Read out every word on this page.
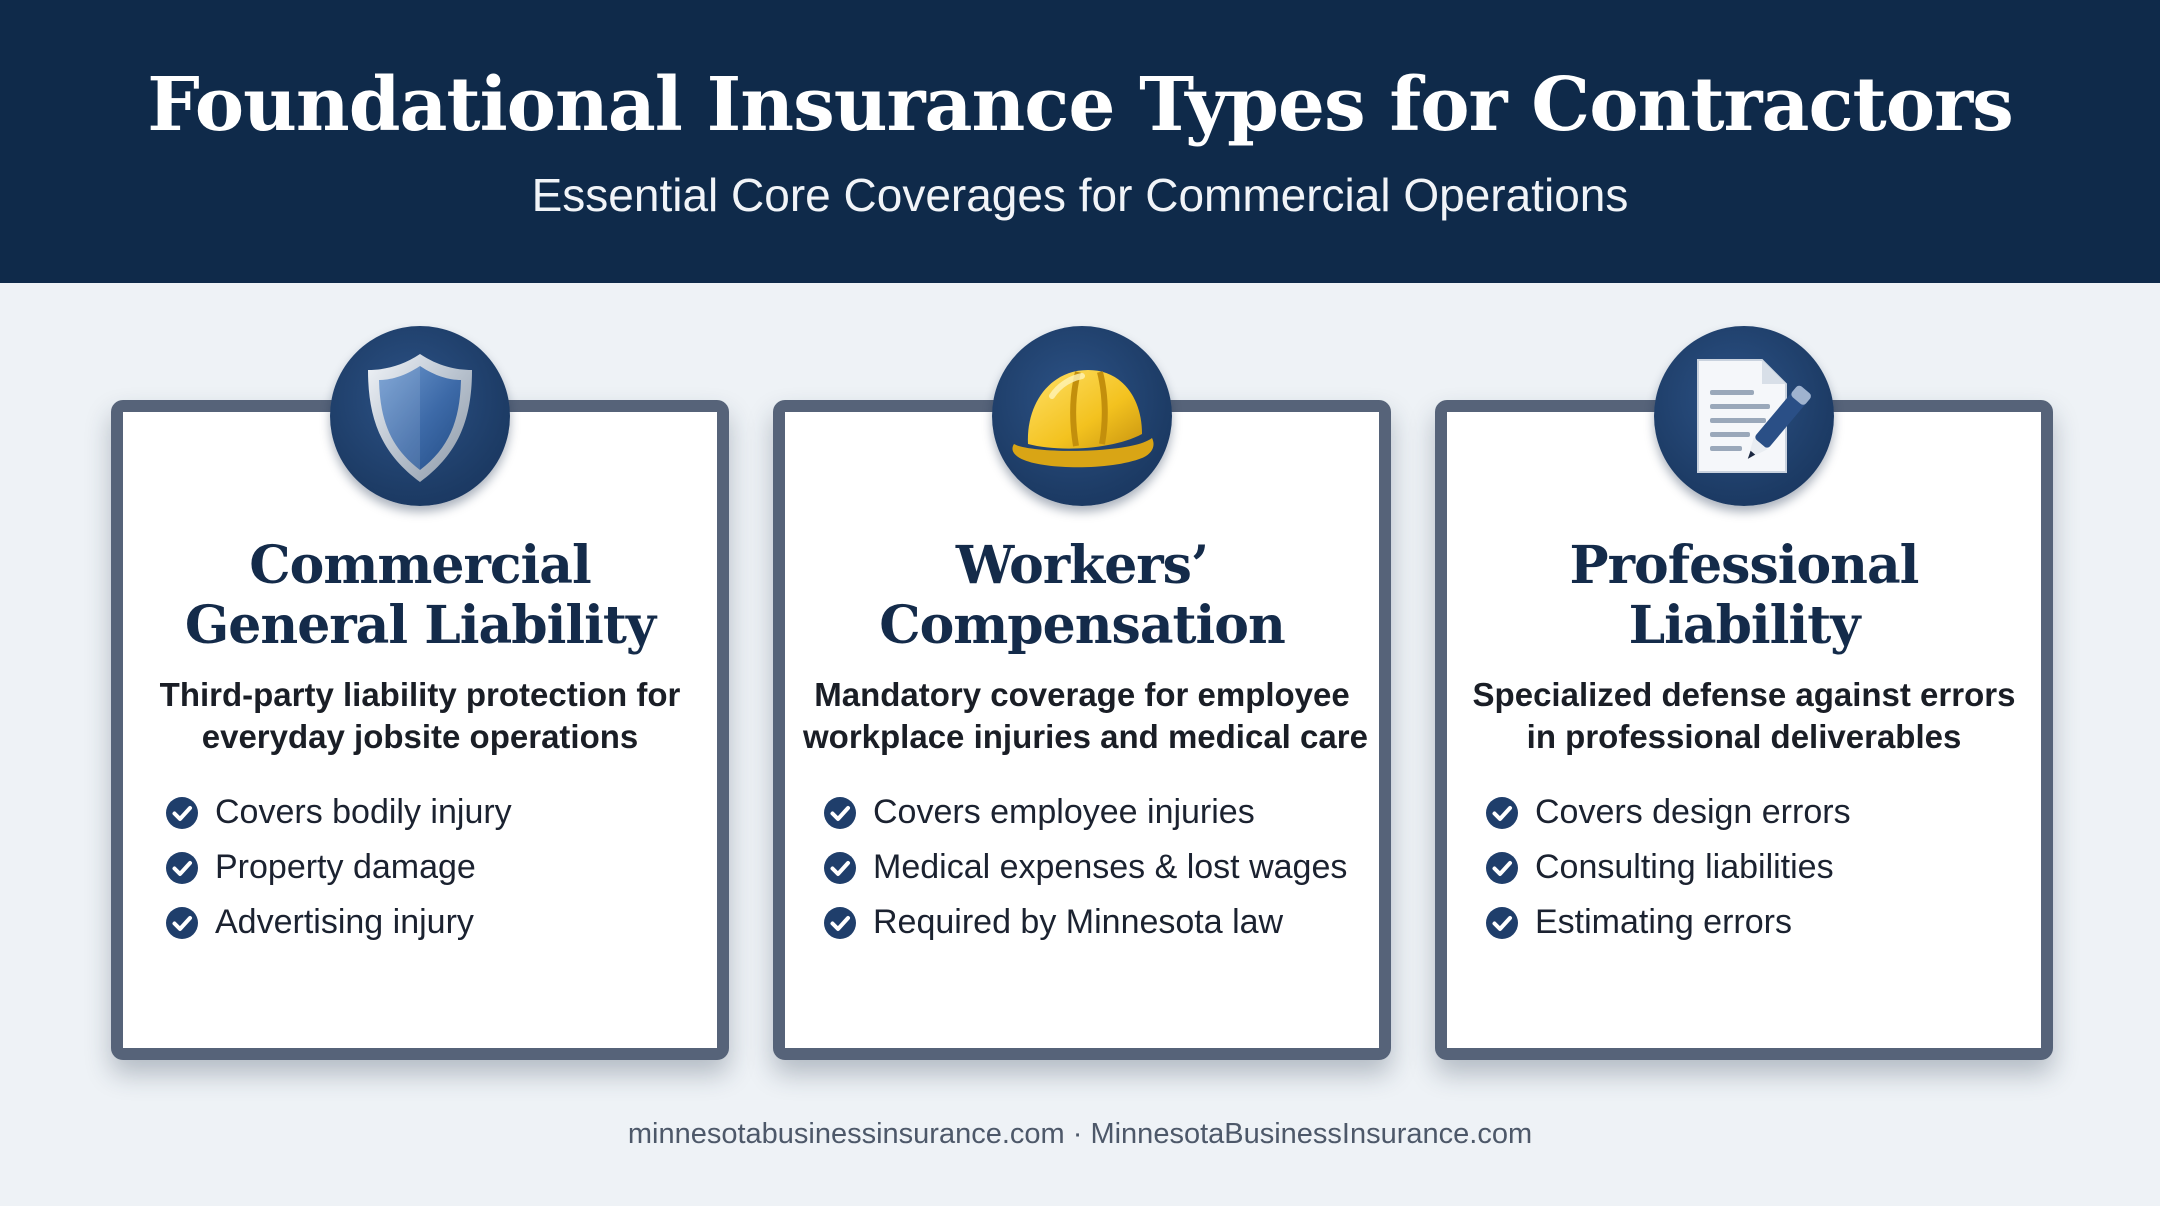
Foundational Insurance Types for Contractors
Essential Core Coverages for Commercial Operations
Commercial
General Liability
Third-party liability protection for
everyday jobsite operations
Covers bodily injury
Property damage
Advertising injury
Workers’
Compensation
Mandatory coverage for employee
workplace injuries and medical care
Covers employee injuries
Medical expenses & lost wages
Required by Minnesota law
Professional
Liability
Specialized defense against errors
in professional deliverables
Covers design errors
Consulting liabilities
Estimating errors
minnesotabusinessinsurance.com · MinnesotaBusinessInsurance.com
